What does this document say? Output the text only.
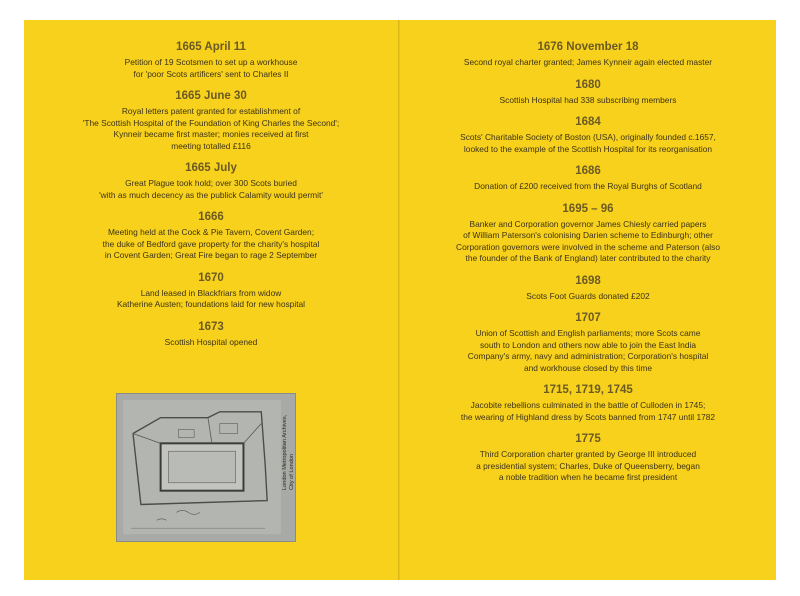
1665 April 11
Petition of 19 Scotsmen to set up a workhouse
for 'poor Scots artificers' sent to Charles II
1665 June 30
Royal letters patent granted for establishment of
'The Scottish Hospital of the Foundation of King Charles the Second';
Kynneir became first master; monies received at first
meeting totalled £116
1665 July
Great Plague took hold; over 300 Scots buried
'with as much decency as the publick Calamity would permit'
1666
Meeting held at the Cock & Pie Tavern, Covent Garden;
the duke of Bedford gave property for the charity's hospital
in Covent Garden; Great Fire began to rage 2 September
1670
Land leased in Blackfriars from widow
Katherine Austen; foundations laid for new hospital
1673
Scottish Hospital opened
London Metropolitan Archives,
City of London
1676 November 18
Second royal charter granted; James Kynneir again elected master
1680
Scottish Hospital had 338 subscribing members
1684
Scots' Charitable Society of Boston (USA), originally founded c.1657,
looked to the example of the Scottish Hospital for its reorganisation
1686
Donation of £200 received from the Royal Burghs of Scotland
1695 – 96
Banker and Corporation governor James Chiesly carried papers
of William Paterson's colonising Darien scheme to Edinburgh; other
Corporation governors were involved in the scheme and Paterson (also
the founder of the Bank of England) later contributed to the charity
1698
Scots Foot Guards donated £202
1707
Union of Scottish and English parliaments; more Scots came
south to London and others now able to join the East India
Company's army, navy and administration; Corporation's hospital
and workhouse closed by this time
1715, 1719, 1745
Jacobite rebellions culminated in the battle of Culloden in 1745;
the wearing of Highland dress by Scots banned from 1747 until 1782
1775
Third Corporation charter granted by George III introduced
a presidential system; Charles, Duke of Queensberry, began
a noble tradition when he became first president
